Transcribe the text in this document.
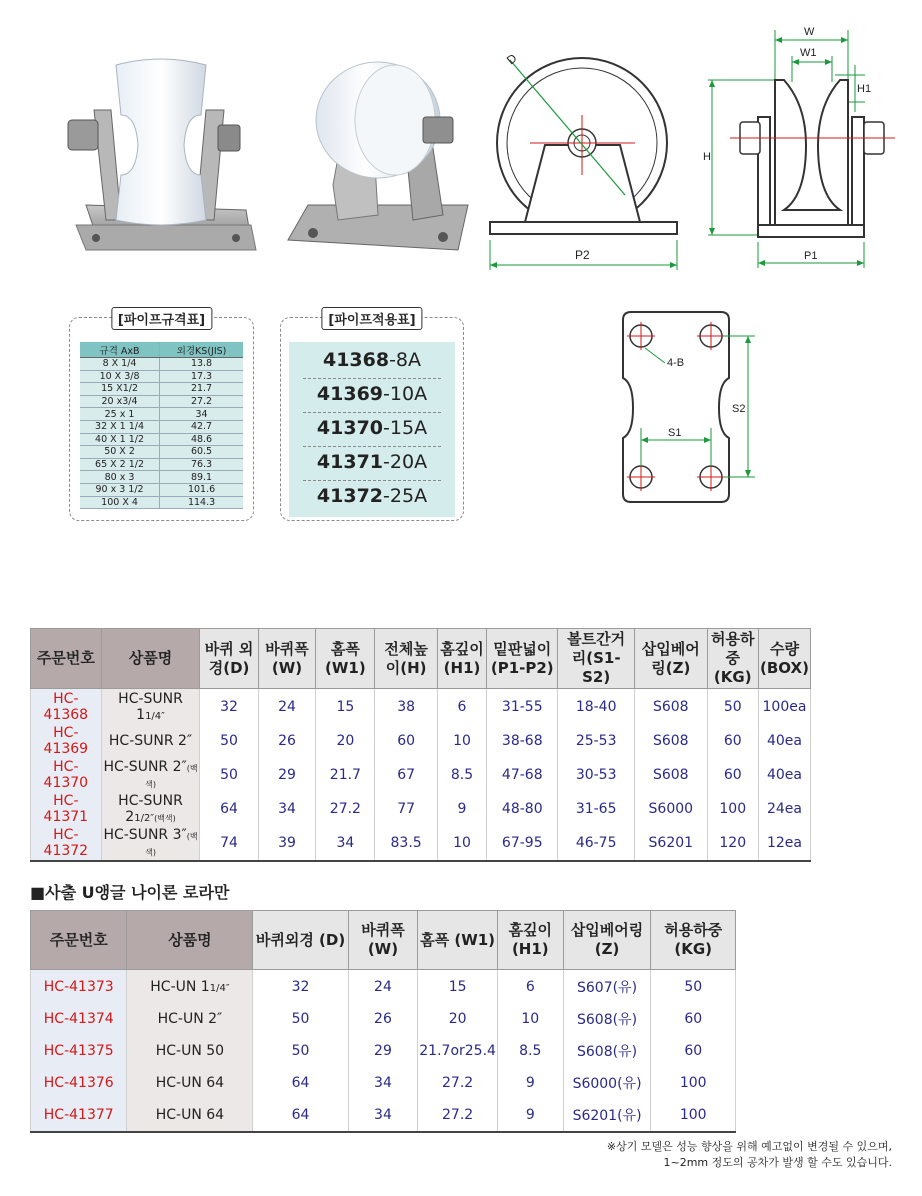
D
P2
W
W1
H1
H
P1
[파이프규격표]
규격 AxB	외경KS(JIS)
8 X 1/4	13.8
10 X 3/8	17.3
15 X1/2	21.7
20 x3/4	27.2
25 x 1	34
32 X 1 1/4	42.7
40 X 1 1/2	48.6
50 X 2	60.5
65 X 2 1/2	76.3
80 x 3	89.1
90 x 3 1/2	101.6
100 X 4	114.3
[파이프적용표]
41368-8A
41369-10A
41370-15A
41371-20A
41372-25A
4-B
S1
S2
주문번호	상품명	바퀴 외경(D)	바퀴폭 (W)	홈폭 (W1)	전체높 이(H)	홈깊이 (H1)	밑판넓이 (P1-P2)	볼트간거 리(S1-S2)	삽입베어 링(Z)	허용하 중(KG)	수량 (BOX)
HC-41368	HC-SUNR 11/4″	32	24	15	38	6	31-55	18-40	S608	50	100ea
HC-41369	HC-SUNR 2″	50	26	20	60	10	38-68	25-53	S608	60	40ea
HC-41370	HC-SUNR 2″(백색)	50	29	21.7	67	8.5	47-68	30-53	S608	60	40ea
HC-41371	HC-SUNR 21/2″(백색)	64	34	27.2	77	9	48-80	31-65	S6000	100	24ea
HC-41372	HC-SUNR 3″(백색)	74	39	34	83.5	10	67-95	46-75	S6201	120	12ea
■사출 U앵글 나이론 로라만
주문번호	상품명	바퀴외경 (D)	바퀴폭 (W)	홈폭 (W1)	홈깊이 (H1)	삽입베어링 (Z)	허용하중 (KG)
HC-41373	HC-UN 11/4″	32	24	15	6	S607(유)	50
HC-41374	HC-UN 2″	50	26	20	10	S608(유)	60
HC-41375	HC-UN 50	50	29	21.7or25.4	8.5	S608(유)	60
HC-41376	HC-UN 64	64	34	27.2	9	S6000(유)	100
HC-41377	HC-UN 64	64	34	27.2	9	S6201(유)	100
※상기 모델은 성능 향상을 위해 예고없이 변경될 수 있으며,
1~2mm 정도의 공차가 발생 할 수도 있습니다.
